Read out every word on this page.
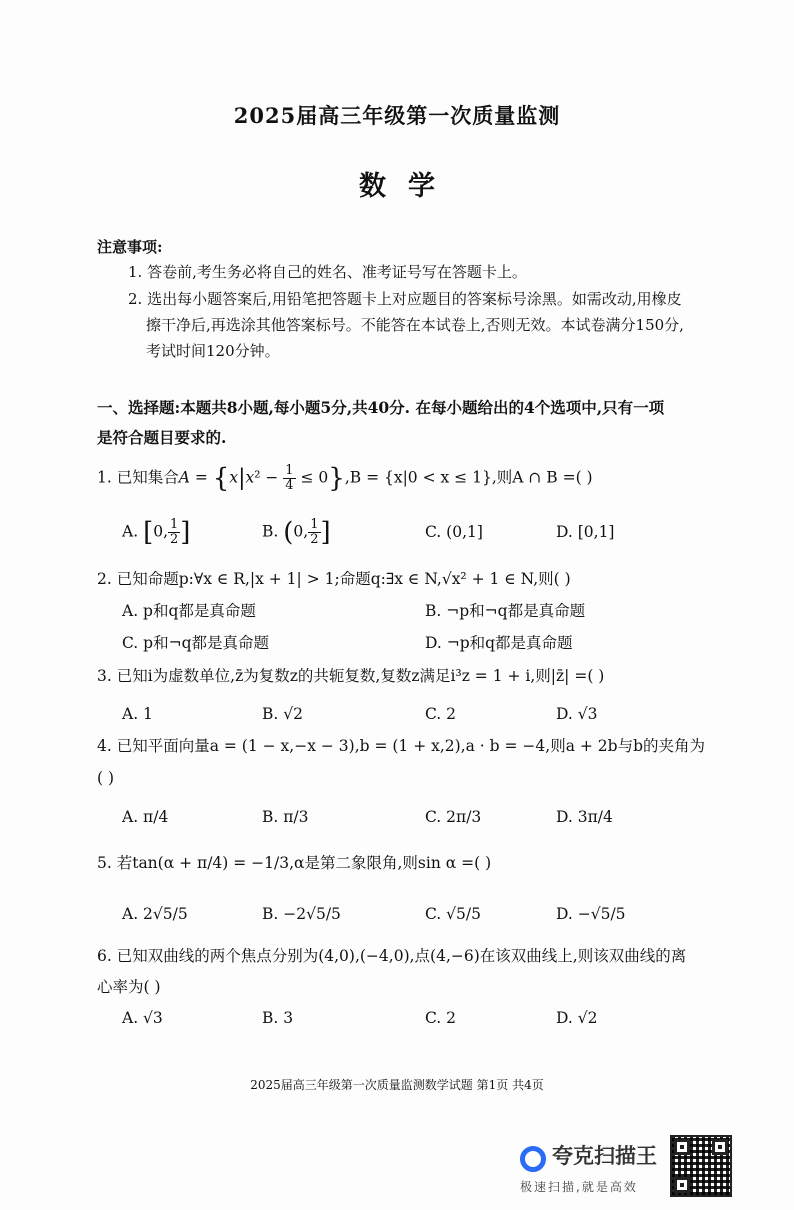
2025届高三年级第一次质量监测
数学
注意事项:
1. 答卷前,考生务必将自己的姓名、准考证号写在答题卡上。
2. 选出每小题答案后,用铅笔把答题卡上对应题目的答案标号涂黑。如需改动,用橡皮
擦干净后,再选涂其他答案标号。不能答在本试卷上,否则无效。本试卷满分150分,
考试时间120分钟。
一、选择题:本题共8小题,每小题5分,共40分. 在每小题给出的4个选项中,只有一项
是符合题目要求的.
1. 已知集合$A = \{x|x^2 - \frac{1}{4} \le 0\},B = \{x|0 < x \le 1\}$,则A ∩ B =( )
A. [0, $\frac{1}{2}$ ]	B. (0, $\frac{1}{2}$ ]	C. (0,1]	D. [0,1]
2. 已知命题p:∀x ∈ R,|x + 1| > 1;命题q:∃x ∈ N,√x² + 1 ∈ N,则( )
A. p和q都是真命题	B. ¬p和¬q都是真命题
C. p和¬q都是真命题	D. ¬p和q都是真命题
3. 已知i为虚数单位,z̄为复数z的共轭复数,复数z满足i³z = 1 + i,则|z̄| =( )
A. 1	B. √2	C. 2	D. √3
4. 已知平面向量a = (1 − x,−x − 3),b = (1 + x,2),a · b = −4,则a + 2b与b的夹角为
( )
A. π/4	B. π/3	C. 2π/3	D. 3π/4
5. 若tan(α + π/4) = −1/3,α是第二象限角,则sin α =( )
A. 2√5/5	B. −2√5/5	C. √5/5	D. −√5/5
6. 已知双曲线的两个焦点分别为(4,0),(−4,0),点(4,−6)在该双曲线上,则该双曲线的离
心率为( )
A. √3	B. 3	C. 2	D. √2
2025届高三年级第一次质量监测数学试题 第1页 共4页
夸克扫描王
极速扫描,就是高效
